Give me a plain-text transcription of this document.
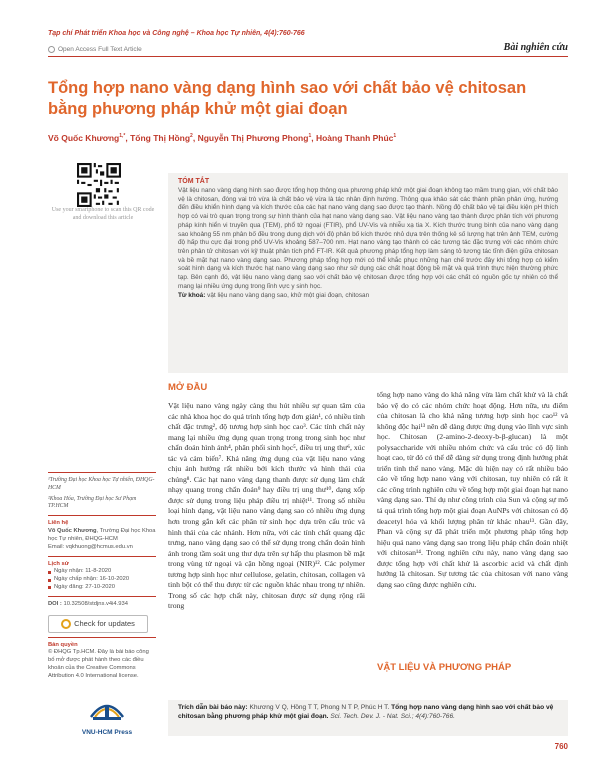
Tạp chí Phát triển Khoa học và Công nghệ – Khoa học Tự nhiên, 4(4):760-766
Open Access Full Text Article	Bài nghiên cứu
Tổng hợp nano vàng dạng hình sao với chất bảo vệ chitosan bằng phương pháp khử một giai đoạn
Võ Quốc Khương$^{1,*}$, Tống Thị Hồng$^2$, Nguyễn Thị Phương Phong$^1$, Hoàng Thanh Phúc$^1$
Use your smartphone to scan this QR code and download this article
TÓM TẮT
Vật liệu nano vàng dạng hình sao được tổng hợp thông qua phương pháp khử một giai đoạn không tạo mầm trung gian, với chất bảo vệ là chitosan, đóng vai trò vừa là chất bảo vệ vừa là tác nhân định hướng. Thông qua khảo sát các thành phần phản ứng, hướng đến điều khiển hình dạng và kích thước của các hạt nano vàng dạng sao được tạo thành. Nồng độ chất bảo vệ tại điều kiện pH thích hợp có vai trò quan trọng trong sự hình thành của hạt nano vàng dạng sao. Vật liệu nano vàng tạo thành được phân tích với phương pháp kính hiển vi truyền qua (TEM), phổ tử ngoại (FTIR), phổ UV-Vis và nhiễu xạ tia X. Kích thước trung bình của nano vàng dạng sao khoảng 55 nm phân bố đều trong dung dịch với độ phân bố kích thước nhỏ dựa trên thống kê số lượng hạt trên ảnh TEM, cường độ hấp thu cực đại trong phổ UV-Vis khoảng 587–700 nm. Hạt nano vàng tạo thành có các tương tác đặc trưng với các nhóm chức trên phân tử chitosan với kỹ thuật phân tích phổ FT-IR. Kết quả phương pháp tổng hợp làm sáng tỏ tương tác tĩnh điện giữa chitosan và bề mặt hạt nano vàng dạng sao. Phương pháp tổng hợp mới có thể khắc phục những hạn chế trước đây khi tổng hợp có kiểm soát hình dạng và kích thước hạt nano vàng dạng sao như sử dụng các chất hoạt động bề mặt và quá trình thực hiện thường phức tạp. Bên cạnh đó, vật liệu nano vàng dạng sao với chất bảo vệ chitosan được tổng hợp với các chất có nguồn gốc tự nhiên có thể mang lại nhiều ứng dụng trong lĩnh vực y sinh học.
Từ khoá: vật liệu nano vàng dạng sao, khử một giai đoạn, chitosan
¹Trường Đại học Khoa học Tự nhiên, ĐHQG-HCM
²Khoa Hóa, Trường Đại học Sư Phạm TP.HCM
Liên hệ
Võ Quốc Khương, Trường Đại học Khoa học Tự nhiên, ĐHQG-HCM
Email: vqkhuong@hcmus.edu.vn
Lịch sử
Ngày nhận: 11-8-2020
Ngày chấp nhận: 16-10-2020
Ngày đăng: 27-10-2020
DOI : 10.32508/stdjns.v4i4.934
Check for updates
Bản quyền
© ĐHQG Tp.HCM. Đây là bài báo công bố mở được phát hành theo các điều khoản của the Creative Commons Attribution 4.0 International license.
VNU-HCM Press
MỞ ĐẦU
Vật liệu nano vàng ngày càng thu hút nhiều sự quan tâm của các nhà khoa học do quá trình tổng hợp đơn giản¹, có nhiều tính chất đặc trưng², độ tương hợp sinh học cao³. Các tính chất này mang lại nhiều ứng dụng quan trọng trong trong sinh học như chẩn đoán hình ảnh⁴, phân phối sinh học⁵, điều trị ung thư⁶, xúc tác và cảm biến⁷. Khả năng ứng dụng của vật liệu nano vàng chịu ảnh hưởng rất nhiều bởi kích thước và hình thái của chúng⁸. Các hạt nano vàng dạng thanh được sử dụng làm chất nhạy quang trong chẩn đoán⁹ hay điều trị ung thư¹⁰, dạng xốp được sử dụng trong liệu pháp điều trị nhiệt¹¹. Trong số nhiều loại hình dạng, vật liệu nano vàng dạng sao có nhiều ứng dụng hơn trong gắn kết các phân tử sinh học dựa trên cấu trúc và hình thái của các nhánh. Hơn nữa, với các tính chất quang đặc trưng, nano vàng dạng sao có thể sử dụng trong chẩn đoán hình ảnh trong tầm soát ung thư dựa trên sự hấp thu plasmon bề mặt trong vùng tử ngoại và cận hồng ngoại (NIR)¹². Các polymer tương hợp sinh học như cellulose, gelatin, chitosan, collagen và tinh bột có thể thu được từ các nguồn khác nhau trong tự nhiên. Trong số các hợp chất này, chitosan được sử dụng rộng rãi trong
tổng hợp nano vàng do khả năng vừa làm chất khử và là chất bảo vệ do có các nhóm chức hoạt động. Hơn nữa, ưu điểm của chitosan là cho khả năng tương hợp sinh học cao¹² và không độc hại¹³ nên dễ dàng được ứng dụng vào lĩnh vực sinh học. Chitosan (2-amino-2-deoxy-b-β-glucan) là một polysaccharide với nhiều nhóm chức và cấu trúc có độ linh hoạt cao, từ đó có thể dễ dàng sử dụng trong định hướng phát triển tinh thể nano vàng. Mặc dù hiện nay có rất nhiều báo cáo về tổng hợp nano vàng với chitosan, tuy nhiên có rất ít các công trình nghiên cứu về tổng hợp một giai đoạn hạt nano vàng dạng sao. Thí dụ như công trình của Sun và cộng sự mô tả quá trình tổng hợp một giai đoạn AuNPs với chitosan có độ deacetyl hóa và khối lượng phân tử khác nhau¹³. Gần đây, Phan và cộng sự đã phát triển một phương pháp tổng hợp hiệu quả nano vàng dạng sao trong liệu pháp chẩn đoán nhiệt với chitosan¹⁴. Trong nghiên cứu này, nano vàng dạng sao được tổng hợp với chất khử là ascorbic acid và chất định hướng là chitosan. Sự tương tác của chitosan với nano vàng dạng sao cũng được nghiên cứu.
VẬT LIỆU VÀ PHƯƠNG PHÁP
Trích dẫn bài báo này: Khương V Q, Hồng T T, Phong N T P, Phúc H T. Tổng hợp nano vàng dạng hình sao với chất bảo vệ chitosan bằng phương pháp khử một giai đoạn. Sci. Tech. Dev. J. - Nat. Sci.; 4(4):760-766.
760
